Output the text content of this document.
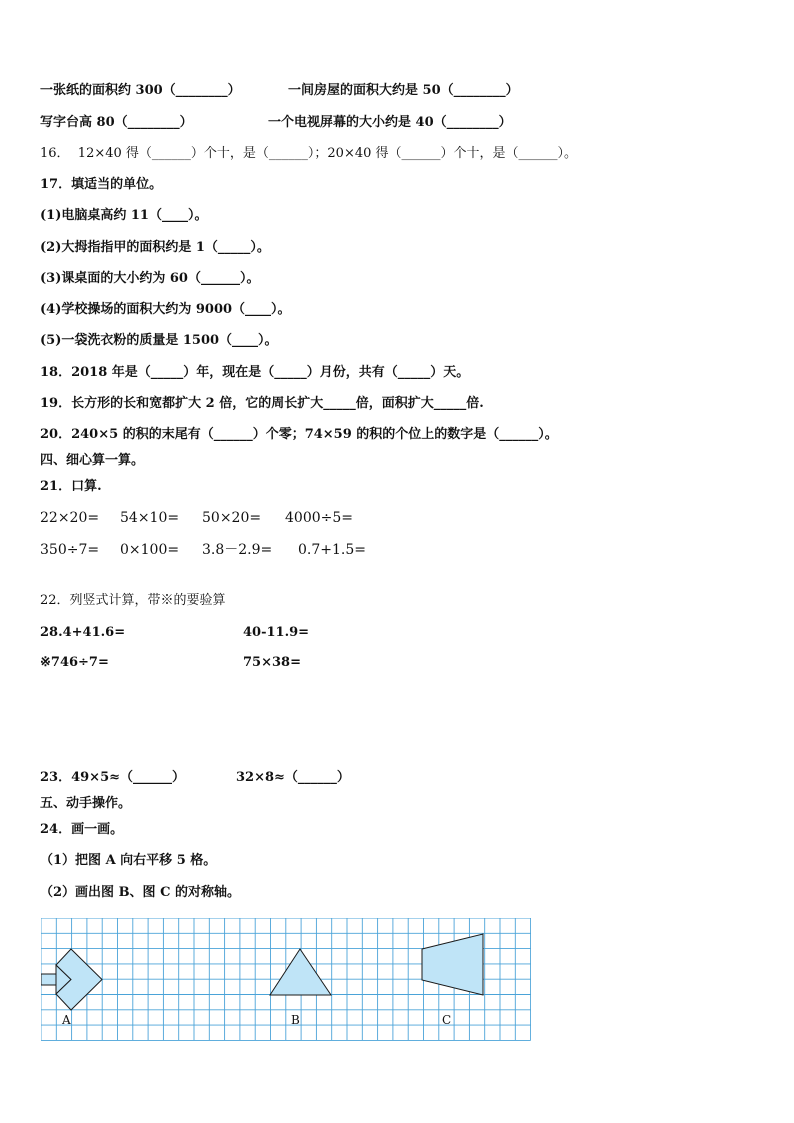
一张纸的面积约 300（________）	一间房屋的面积大约是 50（________）
写字台高 80（________）	一个电视屏幕的大小约是 40（________）
16．  12×40 得（______）个十，是（______）；20×40 得（______）个十，是（______）。
17．填适当的单位。
(1)电脑桌高约 11（____）。
(2)大拇指指甲的面积约是 1（_____）。
(3)课桌面的大小约为 60（______）。
(4)学校操场的面积大约为 9000（____）。
(5)一袋洗衣粉的质量是 1500（____）。
18．2018 年是（_____）年，现在是（_____）月份，共有（_____）天。
19．长方形的长和宽都扩大 2 倍，它的周长扩大_____倍，面积扩大_____倍.
20．240×5 的积的末尾有（______）个零；74×59 的积的个位上的数字是（______）。
四、细心算一算。
21．口算.
22×20= 54×10= 50×20= 4000÷5=
350÷7= 0×100= 3.8－2.9= 0.7+1.5=
22．列竖式计算，带※的要验算
28.4+41.6=	40-11.9=
※746÷7=	75×38=
23．49×5≈（______）	32×8≈（______）
五、动手操作。
24．画一画。
（1）把图 A 向右平移 5 格。
（2）画出图 B、图 C 的对称轴。
A	B	C
